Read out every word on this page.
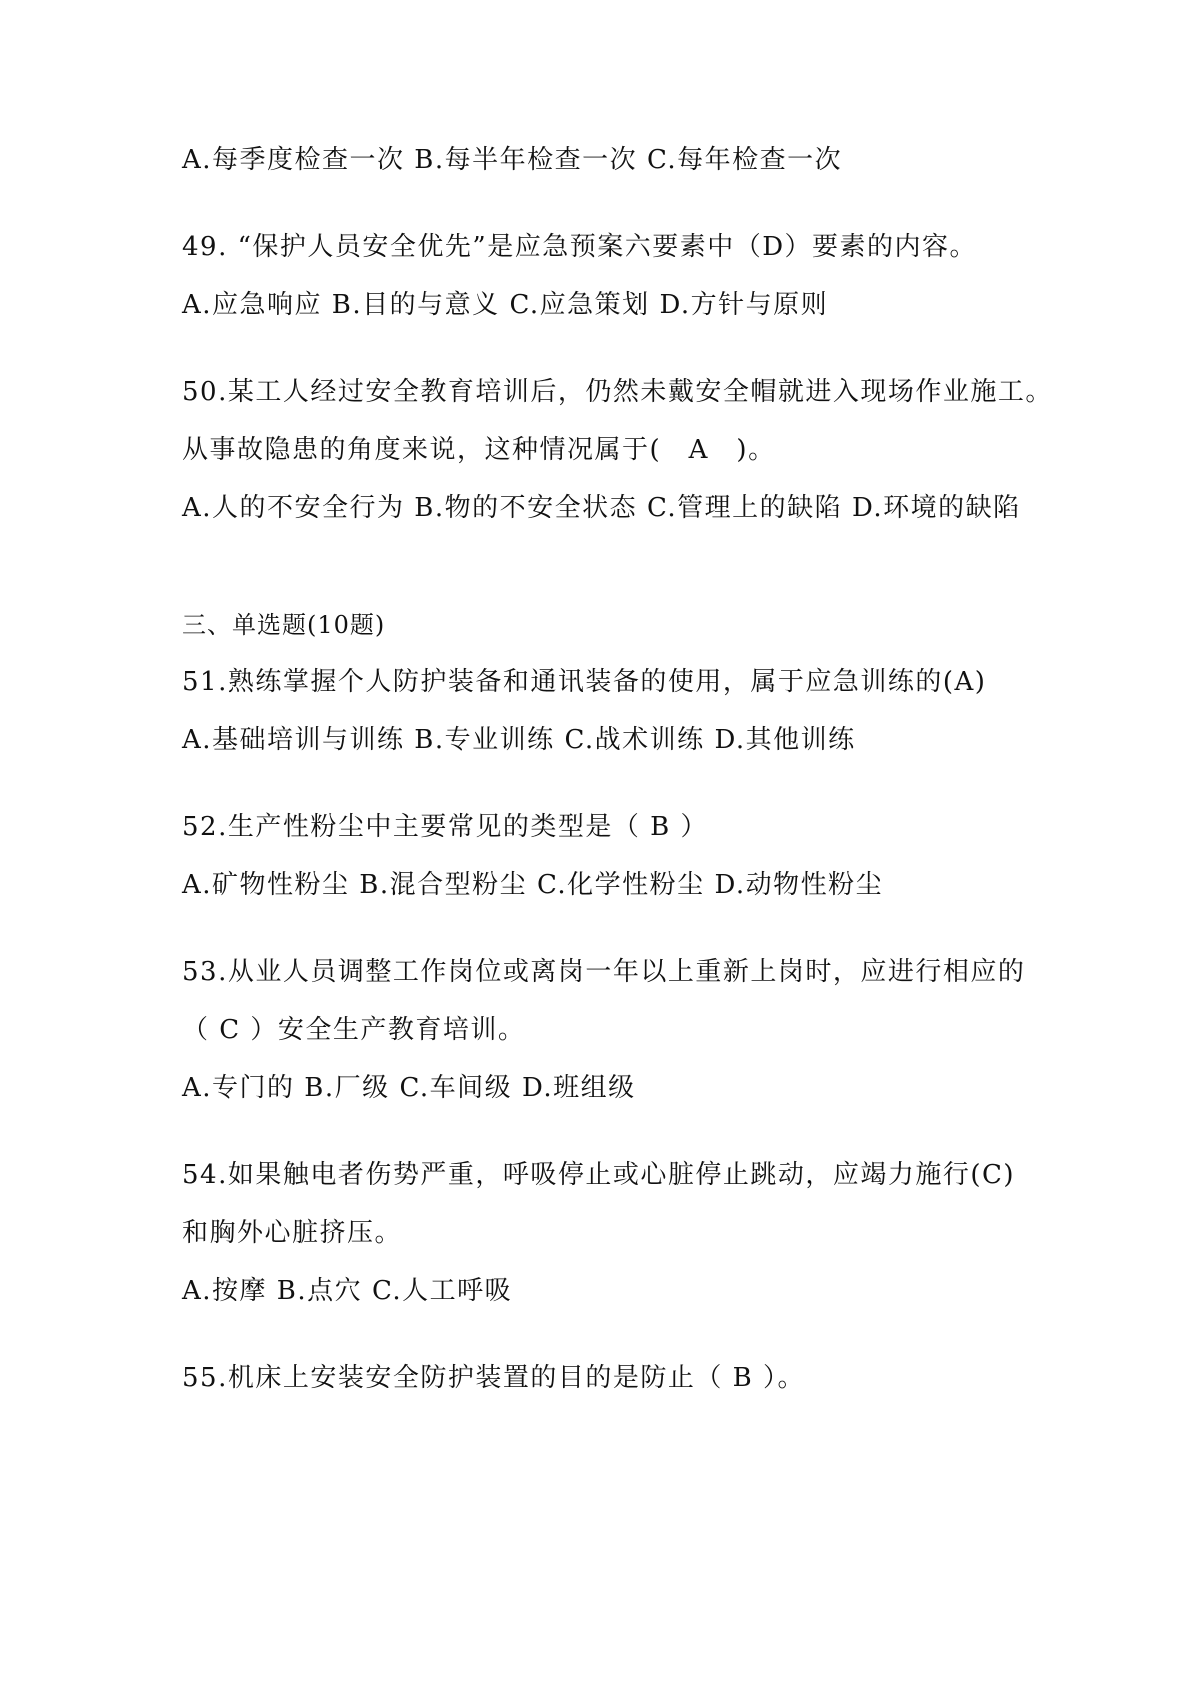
A.每季度检查一次 B.每半年检查一次 C.每年检查一次
49. “保护人员安全优先”是应急预案六要素中（D）要素的内容。
A.应急响应 B.目的与意义 C.应急策划 D.方针与原则
50.某工人经过安全教育培训后，仍然未戴安全帽就进入现场作业施工。
从事故隐患的角度来说，这种情况属于(　A　)。
A.人的不安全行为 B.物的不安全状态 C.管理上的缺陷 D.环境的缺陷
三、单选题(10题)
51.熟练掌握个人防护装备和通讯装备的使用，属于应急训练的(A)
A.基础培训与训练 B.专业训练 C.战术训练 D.其他训练
52.生产性粉尘中主要常见的类型是（ B ）
A.矿物性粉尘 B.混合型粉尘 C.化学性粉尘 D.动物性粉尘
53.从业人员调整工作岗位或离岗一年以上重新上岗时，应进行相应的
（ C ）安全生产教育培训。
A.专门的 B.厂级 C.车间级 D.班组级
54.如果触电者伤势严重，呼吸停止或心脏停止跳动，应竭力施行(C)
和胸外心脏挤压。
A.按摩 B.点穴 C.人工呼吸
55.机床上安装安全防护装置的目的是防止（ B ）。
